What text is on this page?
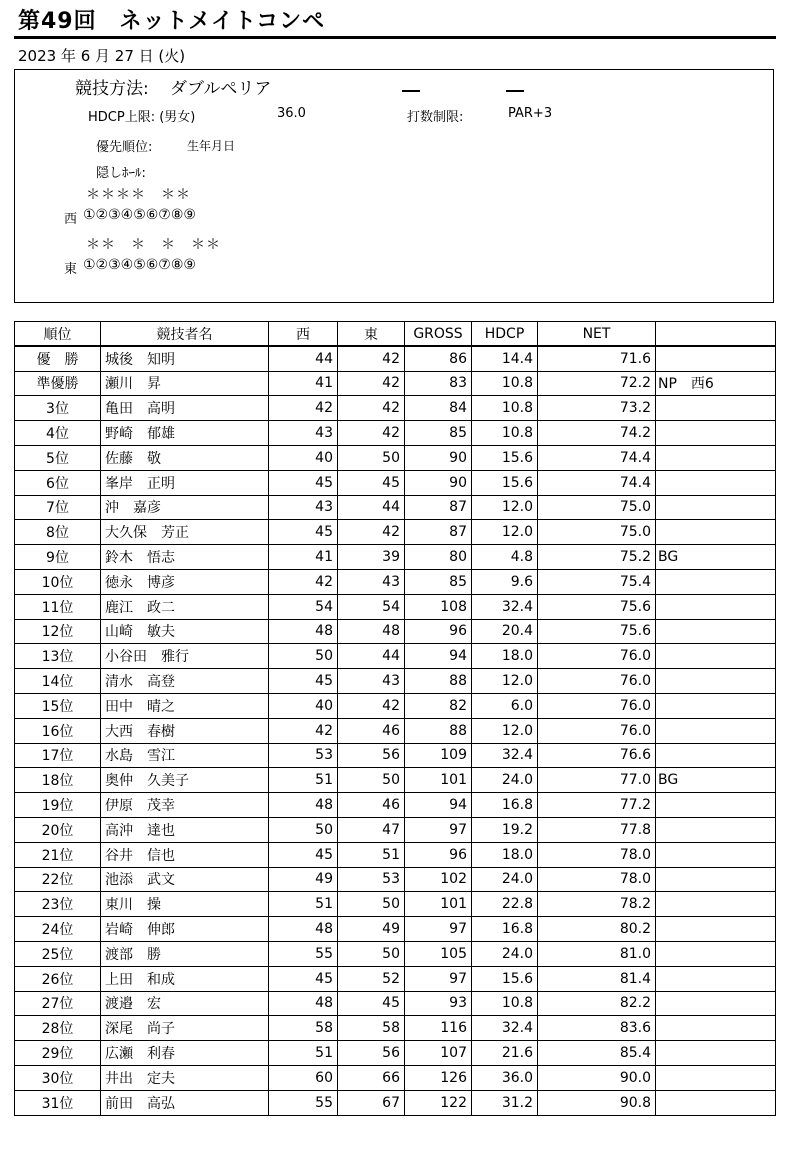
第49回　ネットメイトコンペ
2023 年 6 月 27 日 (火)
競技方法: ダブルペリア
HDCP上限: (男女)	36.0	打数制限:	PAR+3
優先順位:	生年月日
隠しﾎｰﾙ:
＊＊＊＊　＊＊
西 ①②③④⑤⑥⑦⑧⑨
＊＊　＊　＊　＊＊
東 ①②③④⑤⑥⑦⑧⑨
順位	競技者名	西	東	GROSS	HDCP	NET	
優　勝	城後　知明	44	42	86	14.4	71.6	
準優勝	瀬川　昇	41	42	83	10.8	72.2	NP　西6
3位	亀田　高明	42	42	84	10.8	73.2	
4位	野崎　郁雄	43	42	85	10.8	74.2	
5位	佐藤　敬	40	50	90	15.6	74.4	
6位	峯岸　正明	45	45	90	15.6	74.4	
7位	沖　嘉彦	43	44	87	12.0	75.0	
8位	大久保　芳正	45	42	87	12.0	75.0	
9位	鈴木　悟志	41	39	80	4.8	75.2	BG
10位	徳永　博彦	42	43	85	9.6	75.4	
11位	鹿江　政二	54	54	108	32.4	75.6	
12位	山崎　敏夫	48	48	96	20.4	75.6	
13位	小谷田　雅行	50	44	94	18.0	76.0	
14位	清水　高登	45	43	88	12.0	76.0	
15位	田中　晴之	40	42	82	6.0	76.0	
16位	大西　春樹	42	46	88	12.0	76.0	
17位	水島　雪江	53	56	109	32.4	76.6	
18位	奥仲　久美子	51	50	101	24.0	77.0	BG
19位	伊原　茂幸	48	46	94	16.8	77.2	
20位	高沖　達也	50	47	97	19.2	77.8	
21位	谷井　信也	45	51	96	18.0	78.0	
22位	池添　武文	49	53	102	24.0	78.0	
23位	東川　操	51	50	101	22.8	78.2	
24位	岩崎　伸郎	48	49	97	16.8	80.2	
25位	渡部　勝	55	50	105	24.0	81.0	
26位	上田　和成	45	52	97	15.6	81.4	
27位	渡邉　宏	48	45	93	10.8	82.2	
28位	深尾　尚子	58	58	116	32.4	83.6	
29位	広瀬　利春	51	56	107	21.6	85.4	
30位	井出　定夫	60	66	126	36.0	90.0	
31位	前田　高弘	55	67	122	31.2	90.8	
